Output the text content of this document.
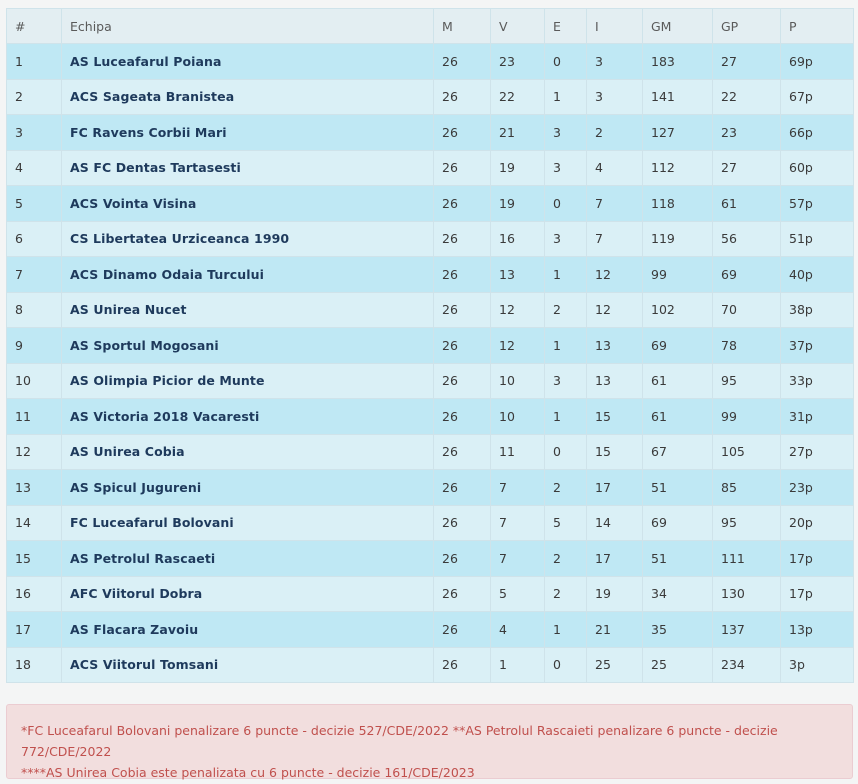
#	Echipa	M	V	E	I	GM	GP	P
1	AS Luceafarul Poiana	26	23	0	3	183	27	69p
2	ACS Sageata Branistea	26	22	1	3	141	22	67p
3	FC Ravens Corbii Mari	26	21	3	2	127	23	66p
4	AS FC Dentas Tartasesti	26	19	3	4	112	27	60p
5	ACS Vointa Visina	26	19	0	7	118	61	57p
6	CS Libertatea Urziceanca 1990	26	16	3	7	119	56	51p
7	ACS Dinamo Odaia Turcului	26	13	1	12	99	69	40p
8	AS Unirea Nucet	26	12	2	12	102	70	38p
9	AS Sportul Mogosani	26	12	1	13	69	78	37p
10	AS Olimpia Picior de Munte	26	10	3	13	61	95	33p
11	AS Victoria 2018 Vacaresti	26	10	1	15	61	99	31p
12	AS Unirea Cobia	26	11	0	15	67	105	27p
13	AS Spicul Jugureni	26	7	2	17	51	85	23p
14	FC Luceafarul Bolovani	26	7	5	14	69	95	20p
15	AS Petrolul Rascaeti	26	7	2	17	51	111	17p
16	AFC Viitorul Dobra	26	5	2	19	34	130	17p
17	AS Flacara Zavoiu	26	4	1	21	35	137	13p
18	ACS Viitorul Tomsani	26	1	0	25	25	234	3p
*FC Luceafarul Bolovani penalizare 6 puncte - decizie 527/CDE/2022 **AS Petrolul Rascaieti penalizare 6 puncte - decizie 772/CDE/2022
****AS Unirea Cobia este penalizata cu 6 puncte - decizie 161/CDE/2023
